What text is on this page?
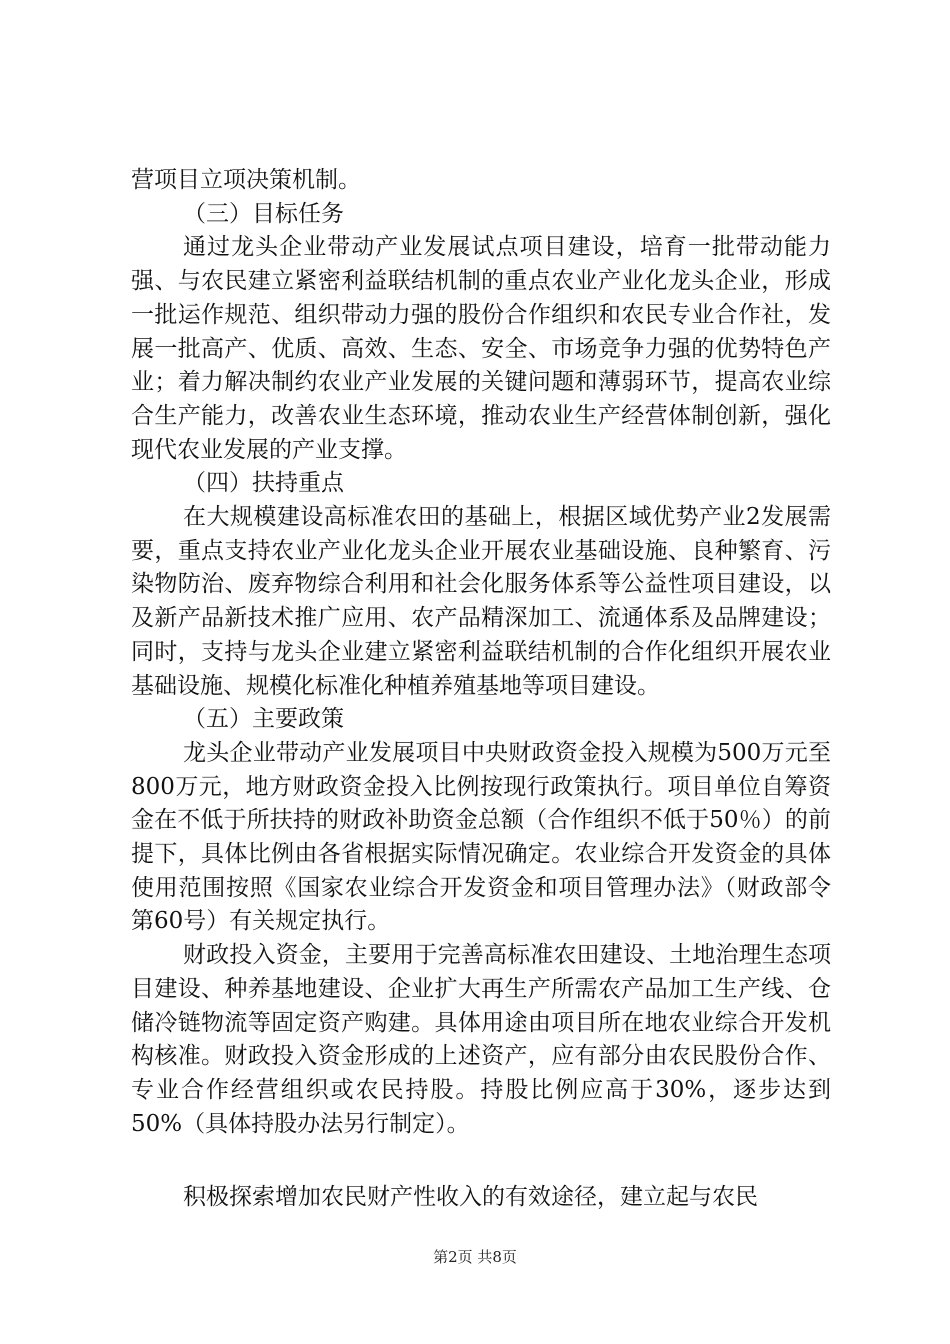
营项目立项决策机制。

（三）目标任务

通过龙头企业带动产业发展试点项目建设，培育一批带动能力强、与农民建立紧密利益联结机制的重点农业产业化龙头企业，形成一批运作规范、组织带动力强的股份合作组织和农民专业合作社，发展一批高产、优质、高效、生态、安全、市场竞争力强的优势特色产业；着力解决制约农业产业发展的关键问题和薄弱环节，提高农业综合生产能力，改善农业生态环境，推动农业生产经营体制创新，强化现代农业发展的产业支撑。

（四）扶持重点

在大规模建设高标准农田的基础上，根据区域优势产业2发展需要，重点支持农业产业化龙头企业开展农业基础设施、良种繁育、污染物防治、废弃物综合利用和社会化服务体系等公益性项目建设，以及新产品新技术推广应用、农产品精深加工、流通体系及品牌建设；同时，支持与龙头企业建立紧密利益联结机制的合作化组织开展农业基础设施、规模化标准化种植养殖基地等项目建设。

（五）主要政策

龙头企业带动产业发展项目中央财政资金投入规模为500万元至800万元，地方财政资金投入比例按现行政策执行。项目单位自筹资金在不低于所扶持的财政补助资金总额（合作组织不低于50％）的前提下，具体比例由各省根据实际情况确定。农业综合开发资金的具体使用范围按照《国家农业综合开发资金和项目管理办法》（财政部令第60号）有关规定执行。

财政投入资金，主要用于完善高标准农田建设、土地治理生态项目建设、种养基地建设、企业扩大再生产所需农产品加工生产线、仓储冷链物流等固定资产购建。具体用途由项目所在地农业综合开发机构核准。财政投入资金形成的上述资产，应有部分由农民股份合作、专业合作经营组织或农民持股。持股比例应高于30%，逐步达到50%（具体持股办法另行制定）。

积极探索增加农民财产性收入的有效途径，建立起与农民

第2页 共8页
